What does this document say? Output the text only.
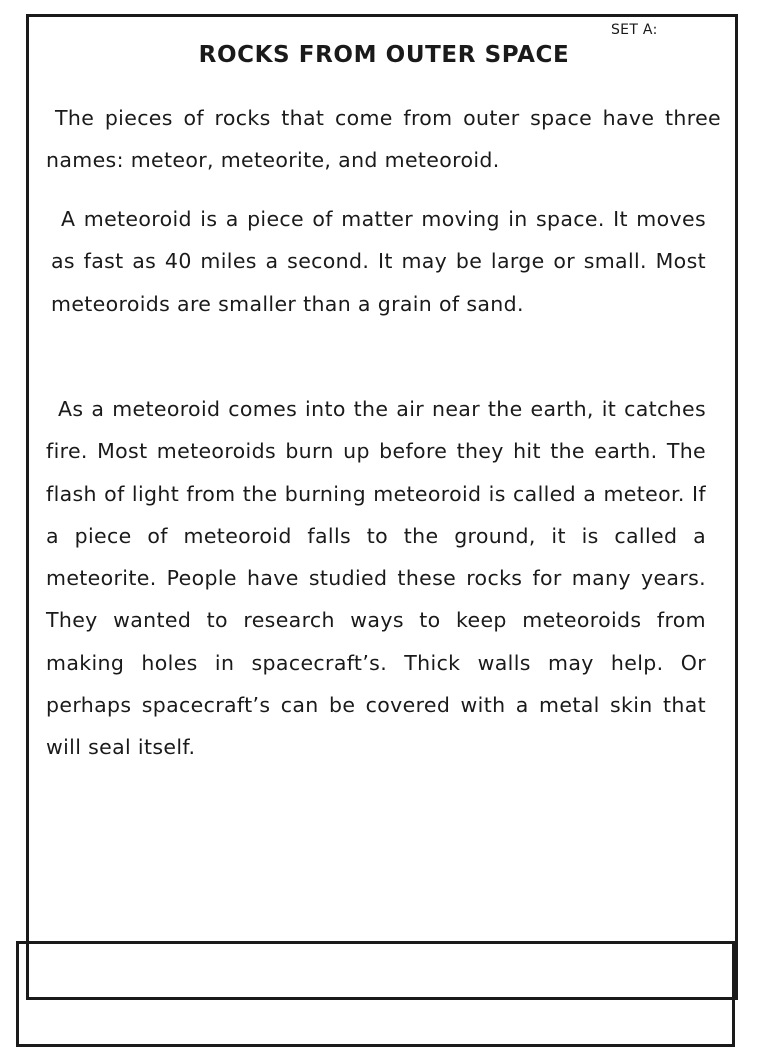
SET A:
ROCKS FROM OUTER SPACE

The pieces of rocks that come from outer space have three names: meteor, meteorite, and meteoroid.

A meteoroid is a piece of matter moving in space. It moves as fast as 40 miles a second. It may be large or small. Most meteoroids are smaller than a grain of sand.

As a meteoroid comes into the air near the earth, it catches fire. Most meteoroids burn up before they hit the earth. The flash of light from the burning meteoroid is called a meteor. If a piece of meteoroid falls to the ground, it is called a meteorite. People have studied these rocks for many years. They wanted to research ways to keep meteoroids from making holes in spacecraft’s. Thick walls may help. Or perhaps spacecraft’s can be covered with a metal skin that will seal itself.
